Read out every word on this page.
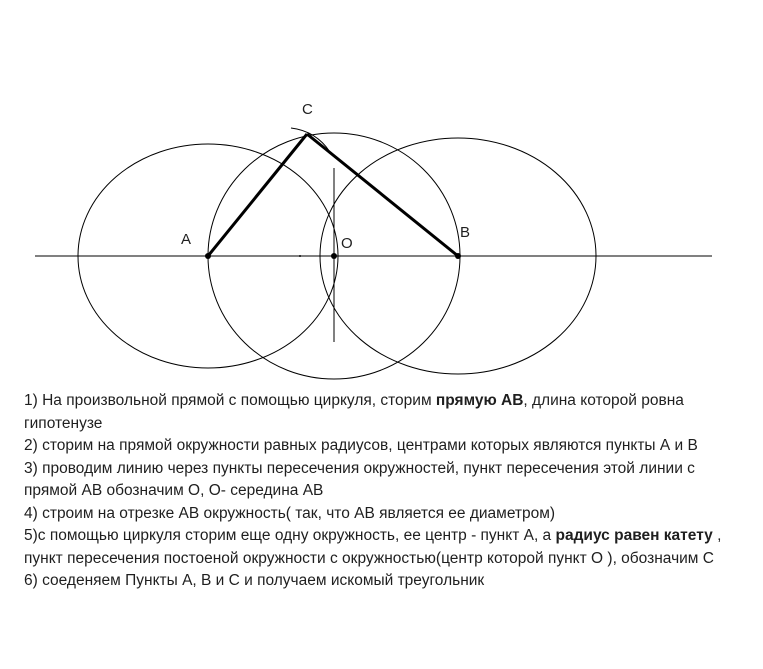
C
A	B
O

1) На произвольной прямой с помощью циркуля, сторим прямую АВ, длина которой ровна гипотенузе

2) сторим на прямой окружности равных радиусов, центрами которых являются пункты А и В

3) проводим линию через пункты пересечения окружностей, пункт пересечения этой линии с прямой АВ обозначим О, О- середина АВ

4) строим на отрезке АВ окружность( так, что АВ является ее диаметром)

5)с помощью циркуля сторим еще одну окружность, ее центр - пункт А, а радиус равен катету , пункт пересечения постоеной окружности с окружностью(центр которой пункт О ), обозначим С

6) соеденяем Пункты А, В и С и получаем искомый треугольник
